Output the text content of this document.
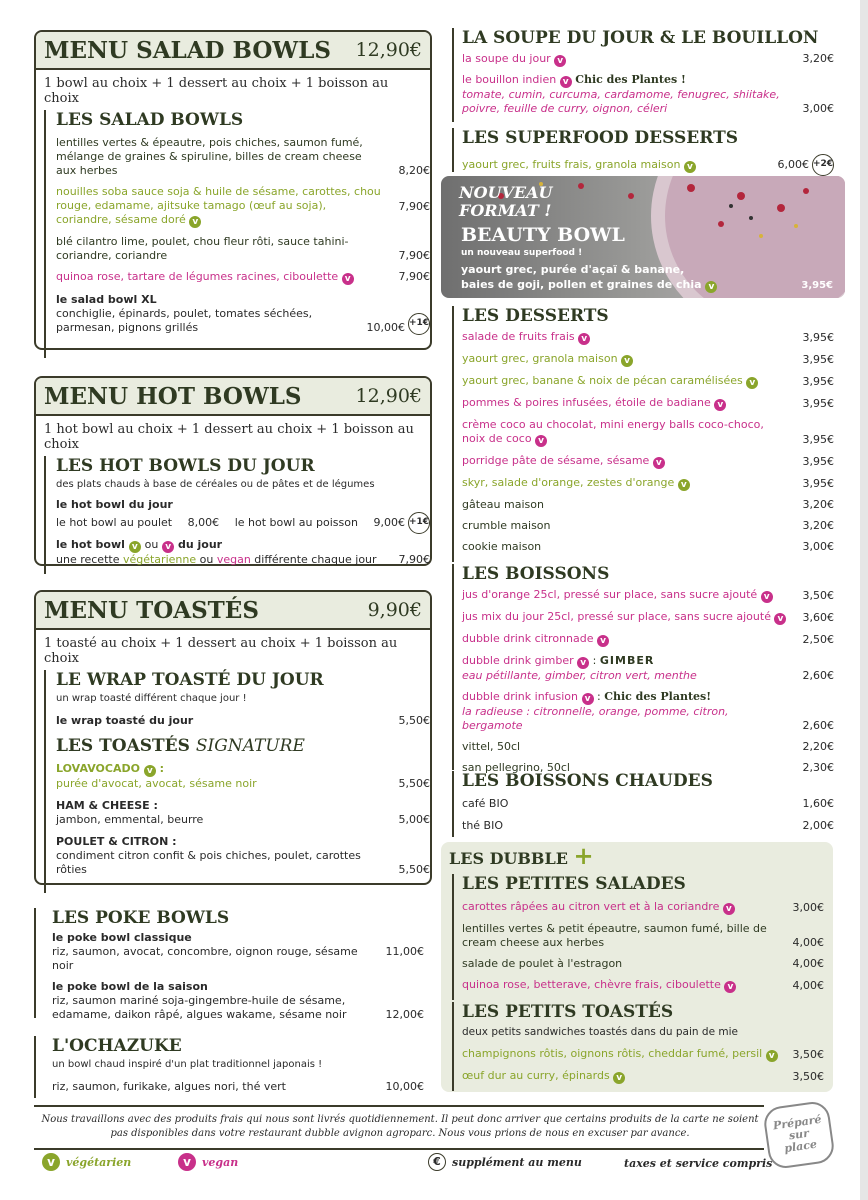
MENU SALAD BOWLS 12,90€
1 bowl au choix + 1 dessert au choix + 1 boisson au choix
LES SALAD BOWLS
lentilles vertes & épeautre, pois chiches, saumon fumé, mélange de graines & spiruline, billes de cream cheese aux herbes	8,20€
nouilles soba sauce soja & huile de sésame, carottes, chou rouge, edamame, ajitsuke tamago (œuf au soja), coriandre, sésame doré v
7,90€
blé cilantro lime, poulet, chou fleur rôti, sauce tahini-coriandre, coriandre	7,90€
quinoa rose, tartare de légumes racines, ciboulette v	7,90€
le salad bowl XL
conchiglie, épinards, poulet, tomates séchées, parmesan, pignons grillés	10,00€ +1€
MENU HOT BOWLS	12,90€
1 hot bowl au choix + 1 dessert au choix + 1 boisson au choix
LES HOT BOWLS DU JOUR
des plats chauds à base de céréales ou de pâtes et de légumes
le hot bowl du jour
le hot bowl au poulet 8,00€ le hot bowl au poisson 9,00€ +1€
le hot bowl v ou v du jour
une recette végétarienne ou vegan différente chaque jour	7,90€
MENU TOASTÉS	9,90€
1 toasté au choix + 1 dessert au choix + 1 boisson au choix
LE WRAP TOASTÉ DU JOUR
un wrap toasté différent chaque jour !
le wrap toasté du jour	5,50€
LES TOASTÉS SIGNATURE
LOVAVOCADO v :
purée d'avocat, avocat, sésame noir	5,50€
HAM & CHEESE :
jambon, emmental, beurre	5,00€
POULET & CITRON :
condiment citron confit & pois chiches, poulet, carottes rôties	5,50€
LES POKE BOWLS
le poke bowl classique
riz, saumon, avocat, concombre, oignon rouge, sésame noir
11,00€
le poke bowl de la saison
riz, saumon mariné soja-gingembre-huile de sésame, edamame, daikon râpé, algues wakame, sésame noir	12,00€
L'OCHAZUKE
un bowl chaud inspiré d'un plat traditionnel japonais !
riz, saumon, furikake, algues nori, thé vert	10,00€
LA SOUPE DU JOUR & LE BOUILLON
la soupe du jour v	3,20€
le bouillon indien v Chic des Plantes !
tomate, cumin, curcuma, cardamome, fenugrec, shiitake, poivre, feuille de curry, oignon, céleri	3,00€
LES SUPERFOOD DESSERTS
yaourt grec, fruits frais, granola maison v	6,00€ +2€
NOUVEAU
FORMAT !
BEAUTY BOWL
un nouveau superfood !
yaourt grec, purée d'açaï & banane,
baies de goji, pollen et graines de chia v	3,95€
LES DESSERTS
salade de fruits frais v	3,95€
yaourt grec, granola maison v	3,95€
yaourt grec, banane & noix de pécan caramélisées v	3,95€
pommes & poires infusées, étoile de badiane v	3,95€
crème coco au chocolat, mini energy balls coco-choco, noix de coco v	3,95€
porridge pâte de sésame, sésame v	3,95€
skyr, salade d'orange, zestes d'orange v	3,95€
gâteau maison	3,20€
crumble maison	3,20€
cookie maison	3,00€
LES BOISSONS
jus d'orange 25cl, pressé sur place, sans sucre ajouté v	3,50€
jus mix du jour 25cl, pressé sur place, sans sucre ajouté v	3,60€
dubble drink citronnade v	2,50€
dubble drink gimber v : GIMBER
eau pétillante, gimber, citron vert, menthe	2,60€
dubble drink infusion v : Chic des Plantes!
la radieuse : citronnelle, orange, pomme, citron, bergamote	2,60€
vittel, 50cl	2,20€
san pellegrino, 50cl	2,30€
LES BOISSONS CHAUDES
café BIO	1,60€
thé BIO	2,00€
LES DUBBLE +
LES PETITES SALADES
carottes râpées au citron vert et à la coriandre v	3,00€
lentilles vertes & petit épeautre, saumon fumé, bille de cream cheese aux herbes	4,00€
salade de poulet à l'estragon	4,00€
quinoa rose, betterave, chèvre frais, ciboulette v	4,00€
LES PETITS TOASTÉS
deux petits sandwiches toastés dans du pain de mie
champignons rôtis, oignons rôtis, cheddar fumé, persil v	3,50€
œuf dur au curry, épinards v	3,50€
Nous travaillons avec des produits frais qui nous sont livrés quotidiennement. Il peut donc arriver que certains produits de la carte ne soient pas disponibles dans votre restaurant dubble avignon agroparc. Nous vous prions de nous en excuser par avance.
Préparé sur place
v	végétarien	v	vegan	€	supplément au menu	taxes et service compris
